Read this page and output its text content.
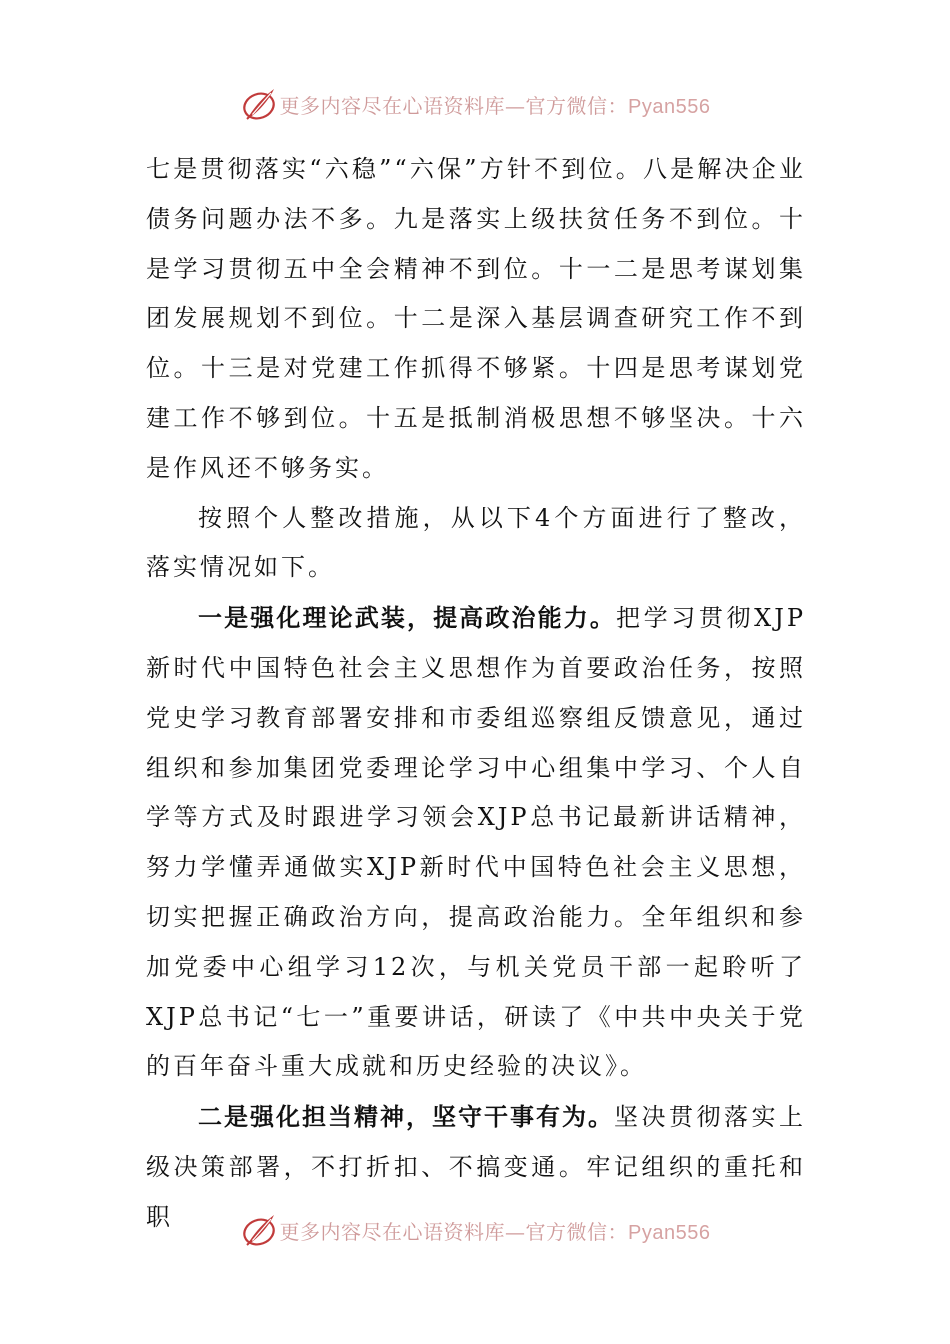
更多内容尽在心语资料库—官方微信：Pyan556

七是贯彻落实“六稳”“六保”方针不到位。八是解决企业债务问题办法不多。九是落实上级扶贫任务不到位。十是学习贯彻五中全会精神不到位。十一二是思考谋划集团发展规划不到位。十二是深入基层调查研究工作不到位。十三是对党建工作抓得不够紧。十四是思考谋划党建工作不够到位。十五是抵制消极思想不够坚决。十六是作风还不够务实。

按照个人整改措施，从以下4个方面进行了整改，落实情况如下。

一是强化理论武装，提高政治能力。把学习贯彻XJP新时代中国特色社会主义思想作为首要政治任务，按照党史学习教育部署安排和市委组巡察组反馈意见，通过组织和参加集团党委理论学习中心组集中学习、个人自学等方式及时跟进学习领会XJP总书记最新讲话精神，努力学懂弄通做实XJP新时代中国特色社会主义思想，切实把握正确政治方向，提高政治能力。全年组织和参加党委中心组学习12次，与机关党员干部一起聆听了XJP总书记“七一”重要讲话，研读了《中共中央关于党的百年奋斗重大成就和历史经验的决议》。

二是强化担当精神，坚守干事有为。坚决贯彻落实上级决策部署，不打折扣、不搞变通。牢记组织的重托和职

更多内容尽在心语资料库—官方微信：Pyan556
